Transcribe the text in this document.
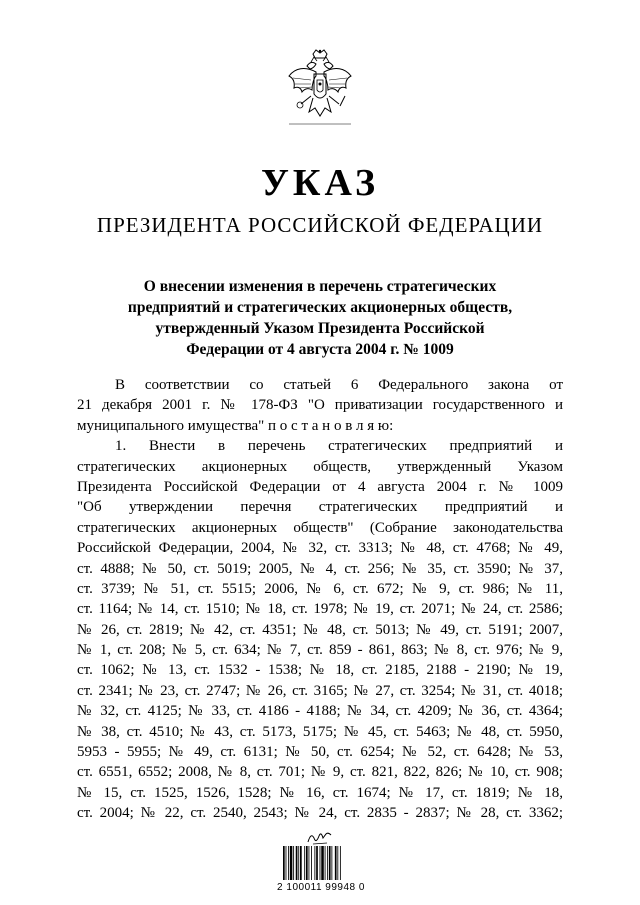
УКАЗ
ПРЕЗИДЕНТА РОССИЙСКОЙ ФЕДЕРАЦИИ
О внесении изменения в перечень стратегических
предприятий и стратегических акционерных обществ,
утвержденный Указом Президента Российской
Федерации от 4 августа 2004 г. № 1009
В соответствии со статьей 6 Федерального закона от
21 декабря 2001 г. № 178-ФЗ "О приватизации государственного и
муниципального имущества" п о с т а н о в л я ю:
1. Внести в перечень стратегических предприятий и
стратегических акционерных обществ, утвержденный Указом
Президента Российской Федерации от 4 августа 2004 г. № 1009
"Об утверждении перечня стратегических предприятий и
стратегических акционерных обществ" (Собрание законодательства
Российской Федерации, 2004, № 32, ст. 3313; № 48, ст. 4768; № 49,
ст. 4888; № 50, ст. 5019; 2005, № 4, ст. 256; № 35, ст. 3590; № 37,
ст. 3739; № 51, ст. 5515; 2006, № 6, ст. 672; № 9, ст. 986; № 11,
ст. 1164; № 14, ст. 1510; № 18, ст. 1978; № 19, ст. 2071; № 24, ст. 2586;
№ 26, ст. 2819; № 42, ст. 4351; № 48, ст. 5013; № 49, ст. 5191; 2007,
№ 1, ст. 208; № 5, ст. 634; № 7, ст. 859 - 861, 863; № 8, ст. 976; № 9,
ст. 1062; № 13, ст. 1532 - 1538; № 18, ст. 2185, 2188 - 2190; № 19,
ст. 2341; № 23, ст. 2747; № 26, ст. 3165; № 27, ст. 3254; № 31, ст. 4018;
№ 32, ст. 4125; № 33, ст. 4186 - 4188; № 34, ст. 4209; № 36, ст. 4364;
№ 38, ст. 4510; № 43, ст. 5173, 5175; № 45, ст. 5463; № 48, ст. 5950,
5953 - 5955; № 49, ст. 6131; № 50, ст. 6254; № 52, ст. 6428; № 53,
ст. 6551, 6552; 2008, № 8, ст. 701; № 9, ст. 821, 822, 826; № 10, ст. 908;
№ 15, ст. 1525, 1526, 1528; № 16, ст. 1674; № 17, ст. 1819; № 18,
ст. 2004; № 22, ст. 2540, 2543; № 24, ст. 2835 - 2837; № 28, ст. 3362;
2 100011 99948 0
